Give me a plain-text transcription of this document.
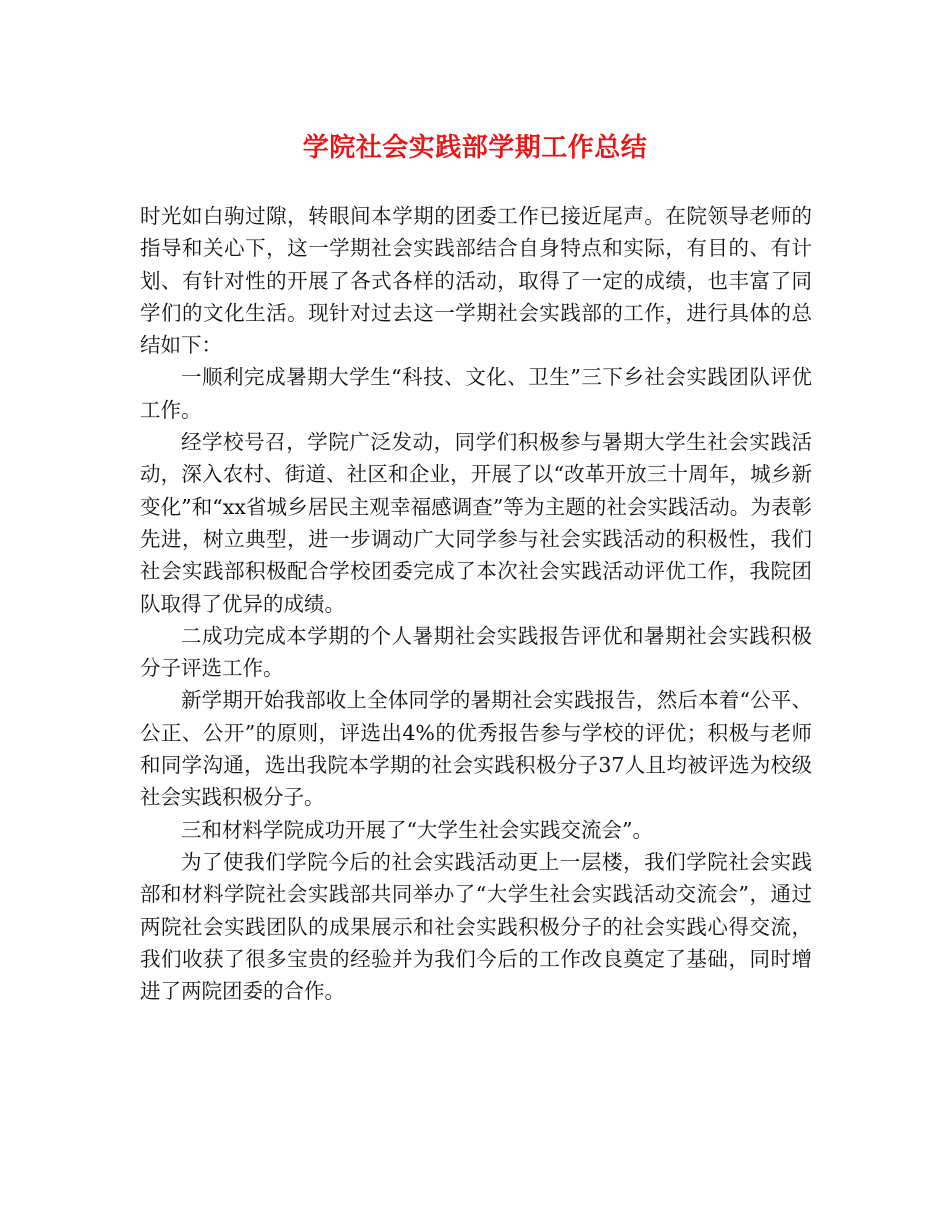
学院社会实践部学期工作总结

时光如白驹过隙，转眼间本学期的团委工作已接近尾声。在院领导老师的指导和关心下，这一学期社会实践部结合自身特点和实际，有目的、有计划、有针对性的开展了各式各样的活动，取得了一定的成绩，也丰富了同学们的文化生活。现针对过去这一学期社会实践部的工作，进行具体的总结如下：

一顺利完成暑期大学生“科技、文化、卫生”三下乡社会实践团队评优工作。

经学校号召，学院广泛发动，同学们积极参与暑期大学生社会实践活动，深入农村、街道、社区和企业，开展了以“改革开放三十周年，城乡新变化”和“xx省城乡居民主观幸福感调查”等为主题的社会实践活动。为表彰先进，树立典型，进一步调动广大同学参与社会实践活动的积极性，我们社会实践部积极配合学校团委完成了本次社会实践活动评优工作，我院团队取得了优异的成绩。

二成功完成本学期的个人暑期社会实践报告评优和暑期社会实践积极分子评选工作。

新学期开始我部收上全体同学的暑期社会实践报告，然后本着“公平、公正、公开”的原则，评选出4%的优秀报告参与学校的评优；积极与老师和同学沟通，选出我院本学期的社会实践积极分子37人且均被评选为校级社会实践积极分子。

三和材料学院成功开展了“大学生社会实践交流会”。

为了使我们学院今后的社会实践活动更上一层楼，我们学院社会实践部和材料学院社会实践部共同举办了“大学生社会实践活动交流会”，通过两院社会实践团队的成果展示和社会实践积极分子的社会实践心得交流，我们收获了很多宝贵的经验并为我们今后的工作改良奠定了基础，同时增进了两院团委的合作。
